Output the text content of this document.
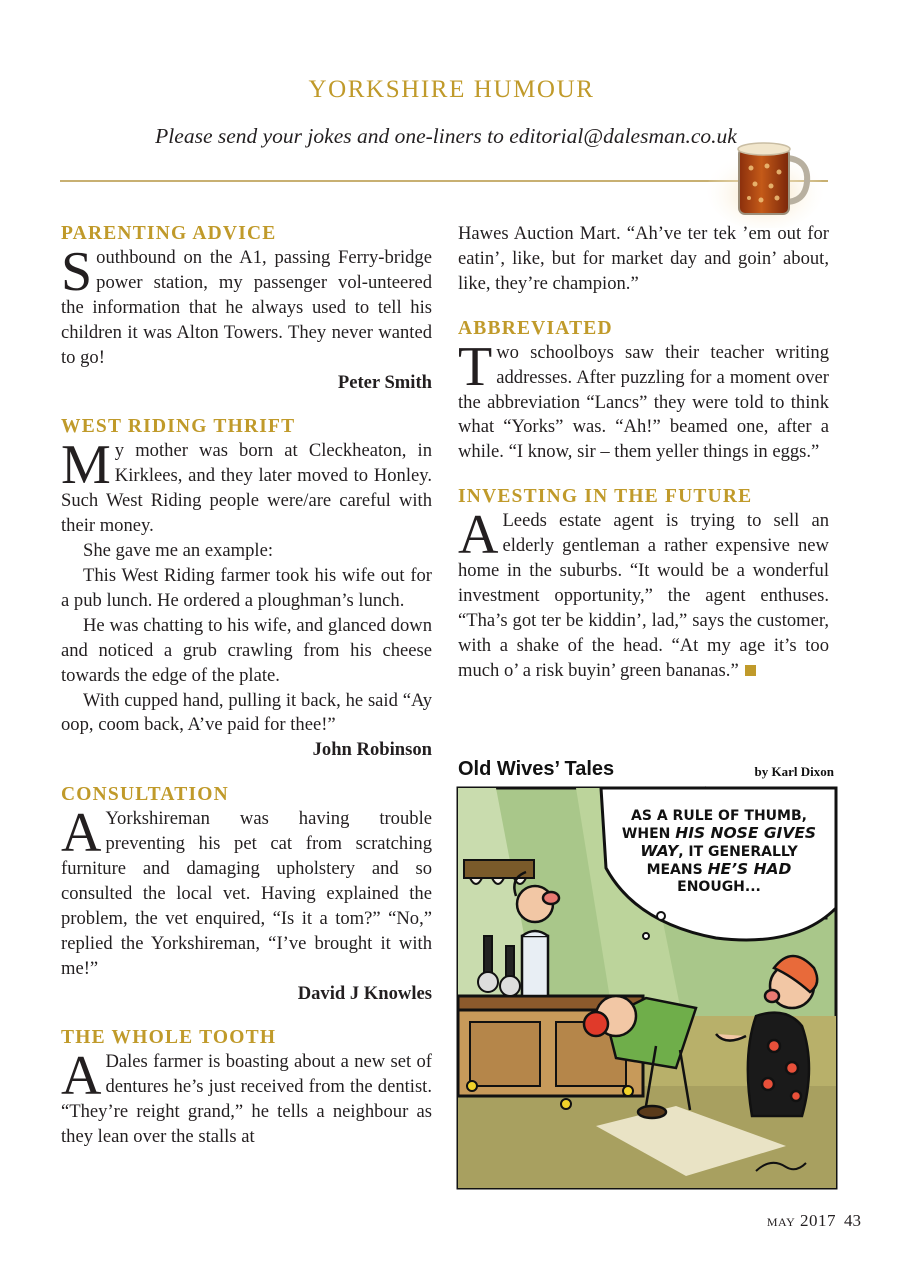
YORKSHIRE HUMOUR
Please send your jokes and one-liners to editorial@dalesman.co.uk
PARENTING ADVICE

Southbound on the A1, passing Ferry-bridge power station, my passenger vol-unteered the information that he always used to tell his children it was Alton Towers. They never wanted to go!

Peter Smith

WEST RIDING THRIFT

My mother was born at Cleckheaton, in Kirklees, and they later moved to Honley. Such West Riding people were/are careful with their money.

She gave me an example:

This West Riding farmer took his wife out for a pub lunch. He ordered a ploughman’s lunch.

He was chatting to his wife, and glanced down and noticed a grub crawling from his cheese towards the edge of the plate.

With cupped hand, pulling it back, he said “Ay oop, coom back, A’ve paid for thee!”

John Robinson

CONSULTATION

A Yorkshireman was having trouble preventing his pet cat from scratching furniture and damaging upholstery and so consulted the local vet. Having explained the problem, the vet enquired, “Is it a tom?” “No,” replied the Yorkshireman, “I’ve brought it with me!”

David J Knowles

THE WHOLE TOOTH

A Dales farmer is boasting about a new set of dentures he’s just received from the dentist. “They’re reight grand,” he tells a neighbour as they lean over the stalls at

Hawes Auction Mart. “Ah’ve ter tek ’em out for eatin’, like, but for market day and goin’ about, like, they’re champion.”

ABBREVIATED

Two schoolboys saw their teacher writing addresses. After puzzling for a moment over the abbreviation “Lancs” they were told to think what “Yorks” was. “Ah!” beamed one, after a while. “I know, sir – them yeller things in eggs.”

INVESTING IN THE FUTURE

A Leeds estate agent is trying to sell an elderly gentleman a rather expensive new home in the suburbs. “It would be a wonderful investment opportunity,” the agent enthuses. “Tha’s got ter be kiddin’, lad,” says the customer, with a shake of the head. “At my age it’s too much o’ a risk buyin’ green bananas.”

Old Wives’ Tales	by Karl Dixon
AS A RULE OF THUMB,
WHEN HIS NOSE GIVES
WAY, IT GENERALLY
MEANS HE’S HAD
ENOUGH...
may 2017 43
